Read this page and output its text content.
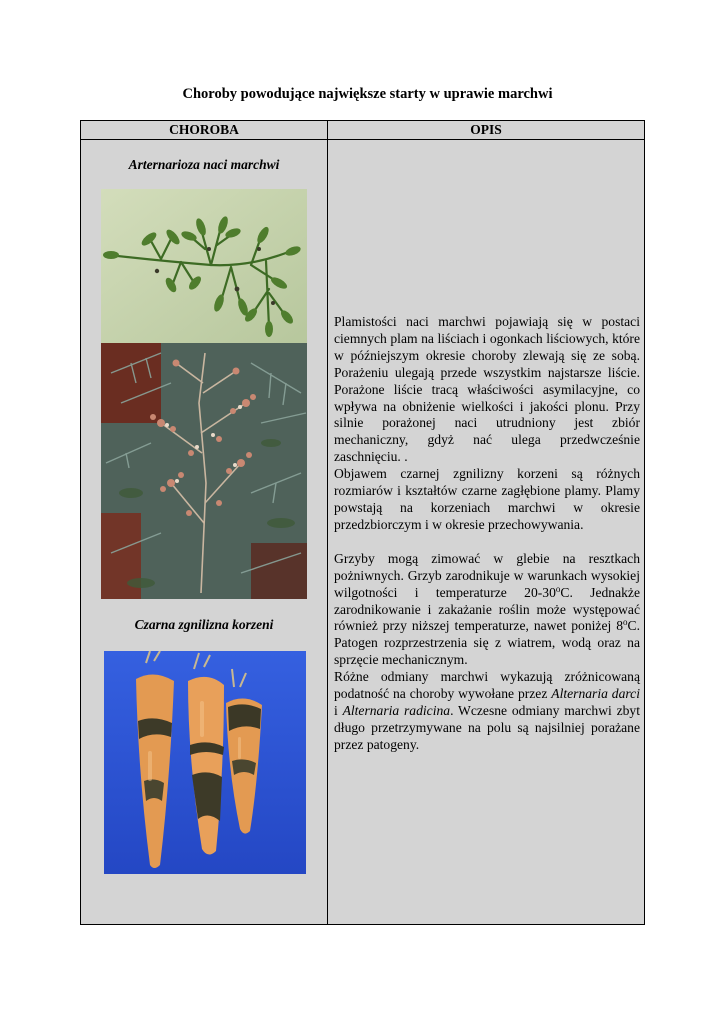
Choroby powodujące największe starty w uprawie marchwi
CHOROBA	OPIS
Arternarioza naci marchwi
Czarna zgnilizna korzeni

Plamistości naci marchwi pojawiają się w postaci ciemnych plam na liściach i ogonkach liściowych, które w późniejszym okresie choroby zlewają się ze sobą. Porażeniu ulegają przede wszystkim najstarsze liście. Porażone liście tracą właściwości asymilacyjne, co wpływa na obniżenie wielkości i jakości plonu. Przy silnie porażonej naci utrudniony jest zbiór mechaniczny, gdyż nać ulega przedwcześnie zaschnięciu. .

Objawem czarnej zgnilizny korzeni są różnych rozmiarów i kształtów czarne zagłębione plamy. Plamy powstają na korzeniach marchwi w okresie przedzbiorczym i w okresie przechowywania.

Grzyby mogą zimować w glebie na resztkach pożniwnych. Grzyb zarodnikuje w warunkach wysokiej wilgotności i temperaturze 20-30$^o$C. Jednakże zarodnikowanie i zakażanie roślin może występować również przy niższej temperaturze, nawet poniżej 8$^o$C. Patogen rozprzestrzenia się z wiatrem, wodą oraz na sprzęcie mechanicznym.

Różne odmiany marchwi wykazują zróżnicowaną podatność na choroby wywołane przez Alternaria darci i Alternaria radicina. Wczesne odmiany marchwi zbyt długo przetrzymywane na polu są najsilniej porażane przez patogeny.
